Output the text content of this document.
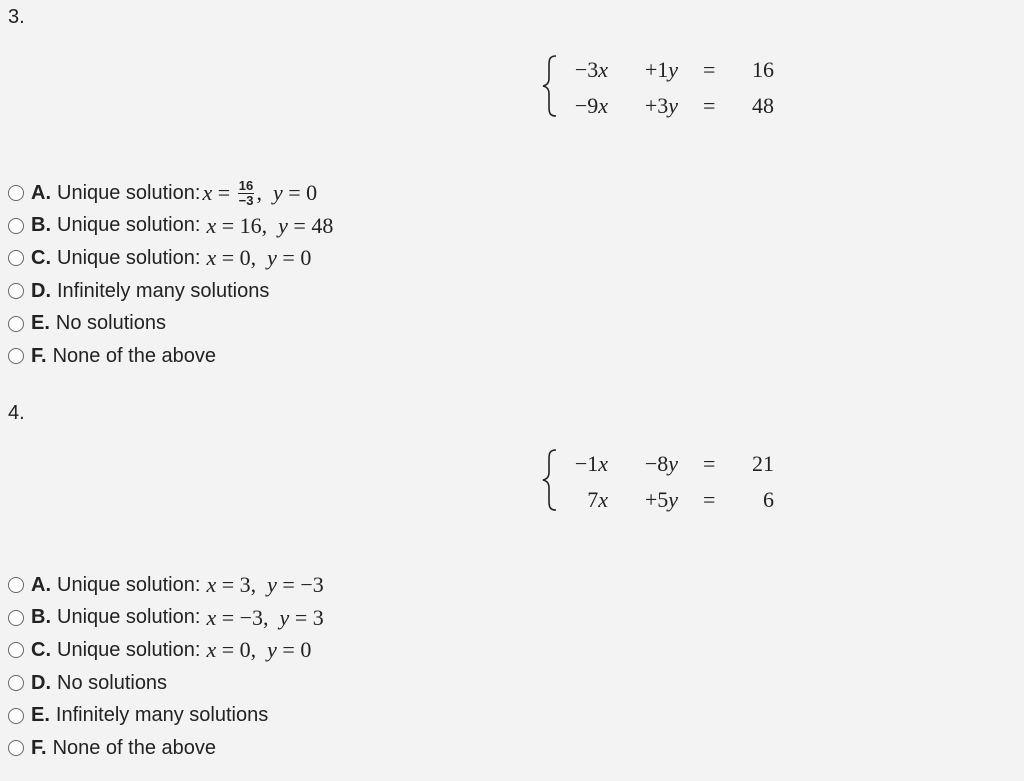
3.
−3x +1y = 16
−9x +3y = 48
A. Unique solution: $x = \frac{16}{-3}$ , y = 0
B. Unique solution: x = 16 , y = 48
C. Unique solution: x = 0 , y = 0
D. Infinitely many solutions
E. No solutions
F. None of the above
4.
−1x −8y = 21
7x +5y = 6
A. Unique solution: x = 3 , y = −3
B. Unique solution: x = −3 , y = 3
C. Unique solution: x = 0 , y = 0
D. No solutions
E. Infinitely many solutions
F. None of the above
